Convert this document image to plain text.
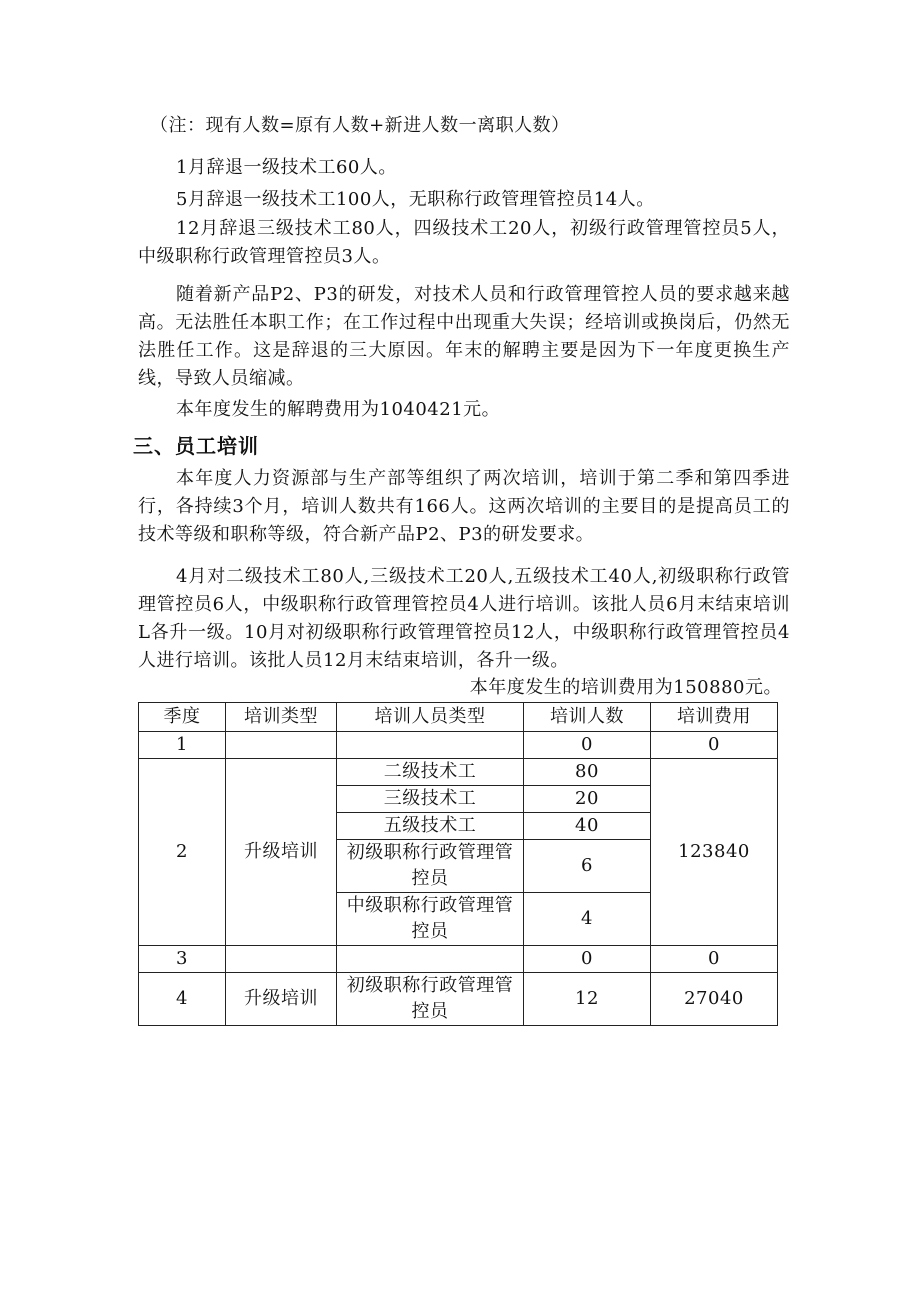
（注：现有人数=原有人数+新进人数一离职人数）

1月辞退一级技术工60人。

5月辞退一级技术工100人，无职称行政管理管控员14人。

12月辞退三级技术工80人，四级技术工20人，初级行政管理管控员5人，中级职称行政管理管控员3人。

随着新产品P2、P3的研发，对技术人员和行政管理管控人员的要求越来越高。无法胜任本职工作；在工作过程中出现重大失误；经培训或换岗后，仍然无法胜任工作。这是辞退的三大原因。年末的解聘主要是因为下一年度更换生产线，导致人员缩减。

本年度发生的解聘费用为1040421元。

三、员工培训

本年度人力资源部与生产部等组织了两次培训，培训于第二季和第四季进行，各持续3个月，培训人数共有166人。这两次培训的主要目的是提高员工的技术等级和职称等级，符合新产品P2、P3的研发要求。

4月对二级技术工80人,三级技术工20人,五级技术工40人,初级职称行政管理管控员6人，中级职称行政管理管控员4人进行培训。该批人员6月末结束培训L各升一级。10月对初级职称行政管理管控员12人，中级职称行政管理管控员4人进行培训。该批人员12月末结束培训，各升一级。

本年度发生的培训费用为150880元。

季度	培训类型	培训人员类型	培训人数	培训费用
1			0	0
2	升级培训	二级技术工	80	123840
		三级技术工	20	
		五级技术工	40	
		初级职称行政管理管控员	6	
		中级职称行政管理管控员	4	
3			0	0
4	升级培训	初级职称行政管理管控员	12	27040
